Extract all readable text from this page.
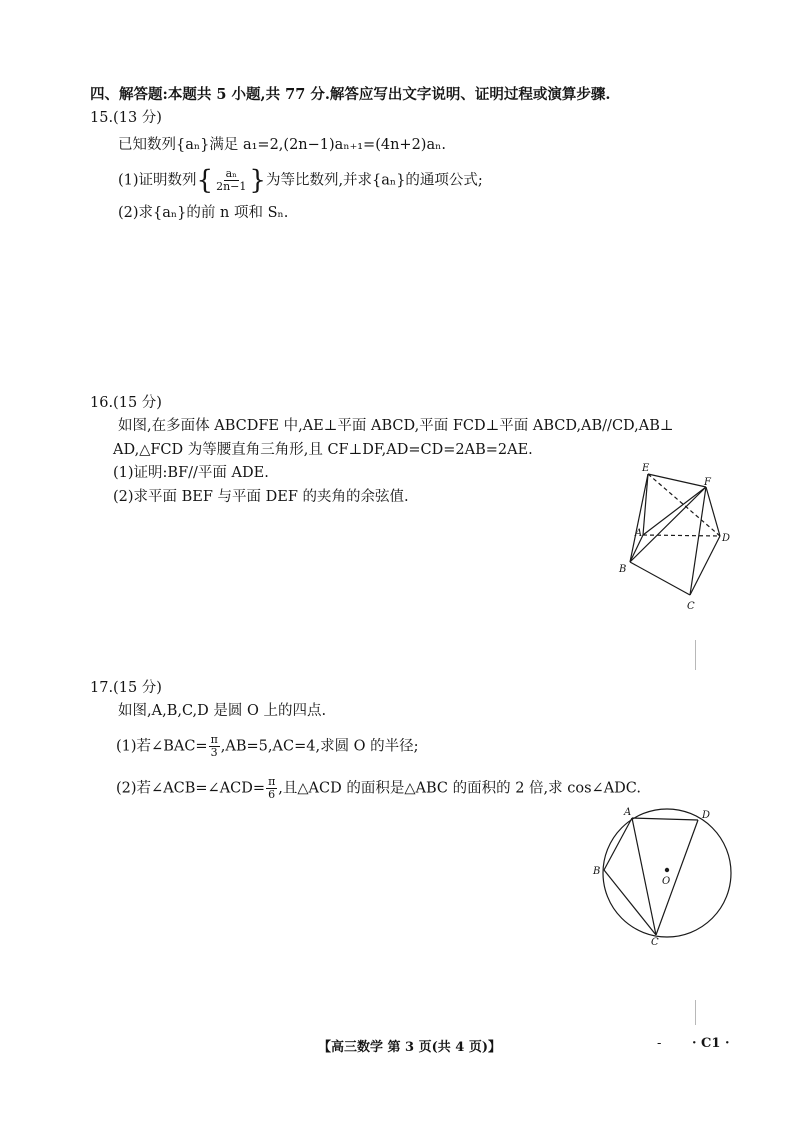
四、解答题:本题共 5 小题,共 77 分.解答应写出文字说明、证明过程或演算步骤.
15.(13 分)
已知数列{aₙ}满足 a₁=2,(2n−1)aₙ₊₁=(4n+2)aₙ.
(1)证明数列{ $\frac{\text{aₙ}}{2n-1}$ }为等比数列,并求{aₙ}的通项公式;
(2)求{aₙ}的前 n 项和 Sₙ.
16.(15 分)
如图,在多面体 ABCDFE 中,AE⊥平面 ABCD,平面 FCD⊥平面 ABCD,AB//CD,AB⊥
AD,△FCD 为等腰直角三角形,且 CF⊥DF,AD=CD=2AB=2AE.
(1)证明:BF//平面 ADE.
(2)求平面 BEF 与平面 DEF 的夹角的余弦值.
E
F
A	D
B
C
17.(15 分)
如图,A,B,C,D 是圆 O 上的四点.
(1)若∠BAC= $\frac{\pi}{3} ,AB=5,AC=4$,求圆 O 的半径;
(2)若∠ACB=∠ACD= $\frac{\pi}{6}$ ,且△ACD 的面积是△ABC 的面积的 2 倍,求 cos∠ADC.
A	D
B
O
C
【高三数学 第 3 页(共 4 页)】	- · C1 ·
